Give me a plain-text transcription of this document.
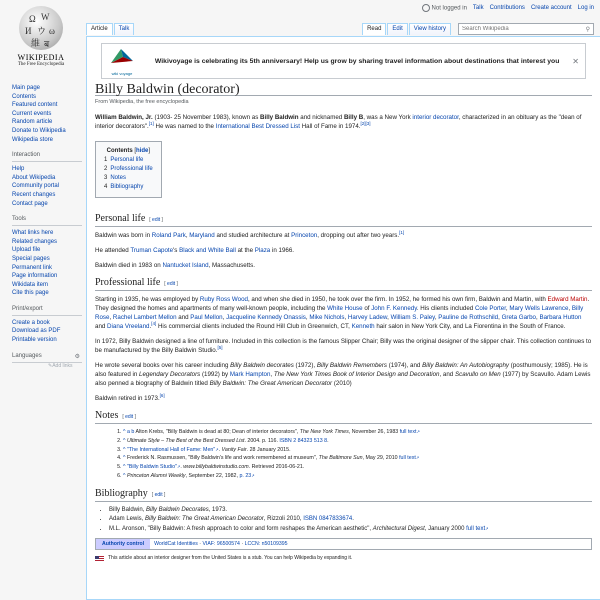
Not logged in Talk Contributions Create account Log in
Ω W
И ウ ω
維 ब
WIKIPEDIA
The Free Encyclopedia
Main page
Contents
Featured content
Current events
Random article
Donate to Wikipedia
Wikipedia store
Interaction
Help
About Wikipedia
Community portal
Recent changes
Contact page
Tools
What links here
Related changes
Upload file
Special pages
Permanent link
Page information
Wikidata item
Cite this page
Print/export
Create a book
Download as PDF
Printable version
Languages	⚙
✎Add links
Article	Talk	Read	Edit	View history
Search Wikipedia	⚲
wiki voyage
Wikivoyage is celebrating its 5th anniversary! Help us grow by sharing travel information about destinations that interest you	✕
Billy Baldwin (decorator)
From Wikipedia, the free encyclopedia

William Baldwin, Jr. (1903- 25 November 1983), known as Billy Baldwin and nicknamed Billy B, was a New York interior decorator, characterized in an obituary as the "dean of interior decorators".[1] He was named to the International Best Dressed List Hall of Fame in 1974.[2][3]

Contents [hide]
1 Personal life
2 Professional life
3 Notes
4 Bibliography
Personal life [ edit ]

Baldwin was born in Roland Park, Maryland and studied architecture at Princeton, dropping out after two years.[1]

He attended Truman Capote's Black and White Ball at the Plaza in 1966.

Baldwin died in 1983 on Nantucket Island, Massachusetts.

Professional life [ edit ]

Starting in 1935, he was employed by Ruby Ross Wood, and when she died in 1950, he took over the firm. In 1952, he formed his own firm, Baldwin and Martin, with Edward Martin. They designed the homes and apartments of many well-known people, including the White House of John F. Kennedy. His clients included Cole Porter, Mary Wells Lawrence, Billy Rose, Rachel Lambert Mellon and Paul Mellon, Jacqueline Kennedy Onassis, Mike Nichols, Harvey Ladew, William S. Paley, Pauline de Rothschild, Greta Garbo, Barbara Hutton and Diana Vreeland.[4] His commercial clients included the Round Hill Club in Greenwich, CT, Kenneth hair salon in New York City, and La Fiorentina in the South of France.

In 1972, Billy Baldwin designed a line of furniture. Included in this collection is the famous Slipper Chair; Billy was the original designer of the slipper chair. This collection continues to be manufactured by the Billy Baldwin Studio.[5]

He wrote several books over his career including Billy Baldwin decorates (1972), Billy Baldwin Remembers (1974), and Billy Baldwin: An Autobiography (posthumously; 1985). He is also featured in Legendary Decorators (1992) by Mark Hampton, The New York Times Book of Interior Design and Decoration, and Scavullo on Men (1977) by Scavullo. Adam Lewis also penned a biography of Baldwin titled Billy Baldwin: The Great American Decorator (2010)

Baldwin retired in 1973.[6]

Notes [ edit ]
1. ^ a b Alton Krebs, "Billy Baldwin is dead at 80; Dean of interior decorators", The New York Times, November 26, 1983 full text ↗
2. ^ Ultimate Style – The Best of the Best Dressed List. 2004. p. 116. ISBN 2 84323 513 8.
3. ^ "The International Hall of Fame: Men" ↗ . Vanity Fair. 28 January 2015.
4. ^ Frederick N. Rasmussen, "Billy Baldwin's life and work remembered at museum", The Baltimore Sun, May 29, 2010 full text ↗
5. ^ "Billy Baldwin Studio" ↗ . www.billybaldwinstudio.com. Retrieved 2016-06-21.
6. ^ Princeton Alumni Weekly, September 22, 1982, p. 23 ↗
Bibliography [ edit ]
• Billy Baldwin, Billy Baldwin Decorates, 1973.
• Adam Lewis, Billy Baldwin: The Great American Decorator, Rizzoli 2010, ISBN 0847833674.
• M.L. Aronson, "Billy Baldwin: A fresh approach to color and form reshapes the American aesthetic", Architectural Digest, January 2000 full text ↗
Authority control	WorldCat Identities · VIAF: 96500574 · LCCN: n50109395
This article about an interior designer from the United States is a stub. You can help Wikipedia by expanding it.
